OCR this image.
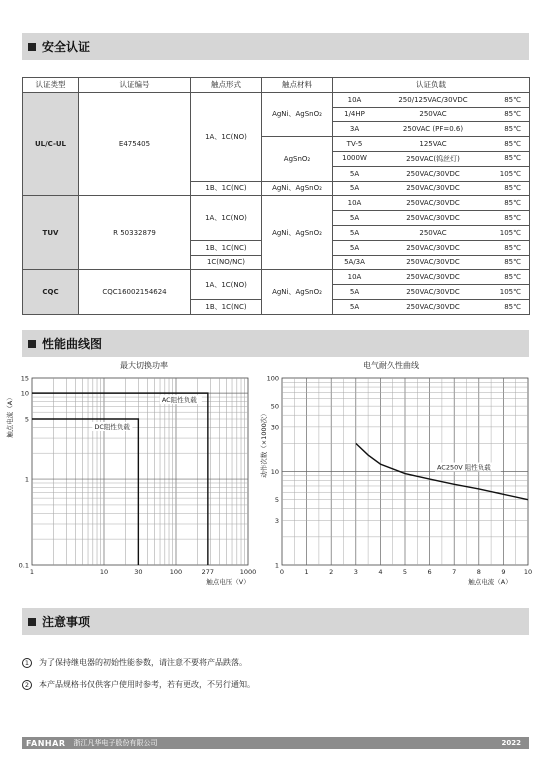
安全认证
认证类型	认证编号	触点形式	触点材料	认证负载
UL/C-UL	E475405	1A、1C(NO)	AgNi、AgSnO₂	10A 250/125VAC/30VDC 85℃

				1/4HP 250VAC 85℃

				3A 250VAC (PF=0.6) 85℃

			AgSnO₂	TV-5 125VAC 85℃

				1000W 250VAC(钨丝灯) 85℃

				5A 250VAC/30VDC 105℃

		1B、1C(NC)	AgNi、AgSnO₂	5A 250VAC/30VDC 85℃

TUV	R 50332879	1A、1C(NO)	AgNi、AgSnO₂	10A 250VAC/30VDC 85℃

				5A 250VAC/30VDC 85℃

				5A 250VAC 105℃

		1B、1C(NC)		5A 250VAC/30VDC 85℃

		1C(NO/NC)		5A/3A 250VAC/30VDC 85℃

CQC	CQC16002154624	1A、1C(NO)	AgNi、AgSnO₂	10A 250VAC/30VDC 85℃

				5A 250VAC/30VDC 105℃

		1B、1C(NC)		5A 250VAC/30VDC 85℃
性能曲线图
最大切换功率	电气耐久性曲线
AC阻性负载
DC阻性负载
1	10	30	100	277	1000
15
10
5
1
0.1
触点电压（V）
触点电流（A）
AC250V 阻性负载
0	1	2	3	4	5	6	7	8	9	10
100
50
30
10
5
3
1
触点电流（A）
动作次数（×1000次）
注意事项
1	为了保持继电器的初始性能参数，请注意不要将产品跌落。
2	本产品规格书仅供客户使用时参考，若有更改，不另行通知。
FANHAR 浙江凡华电子股份有限公司	2022
